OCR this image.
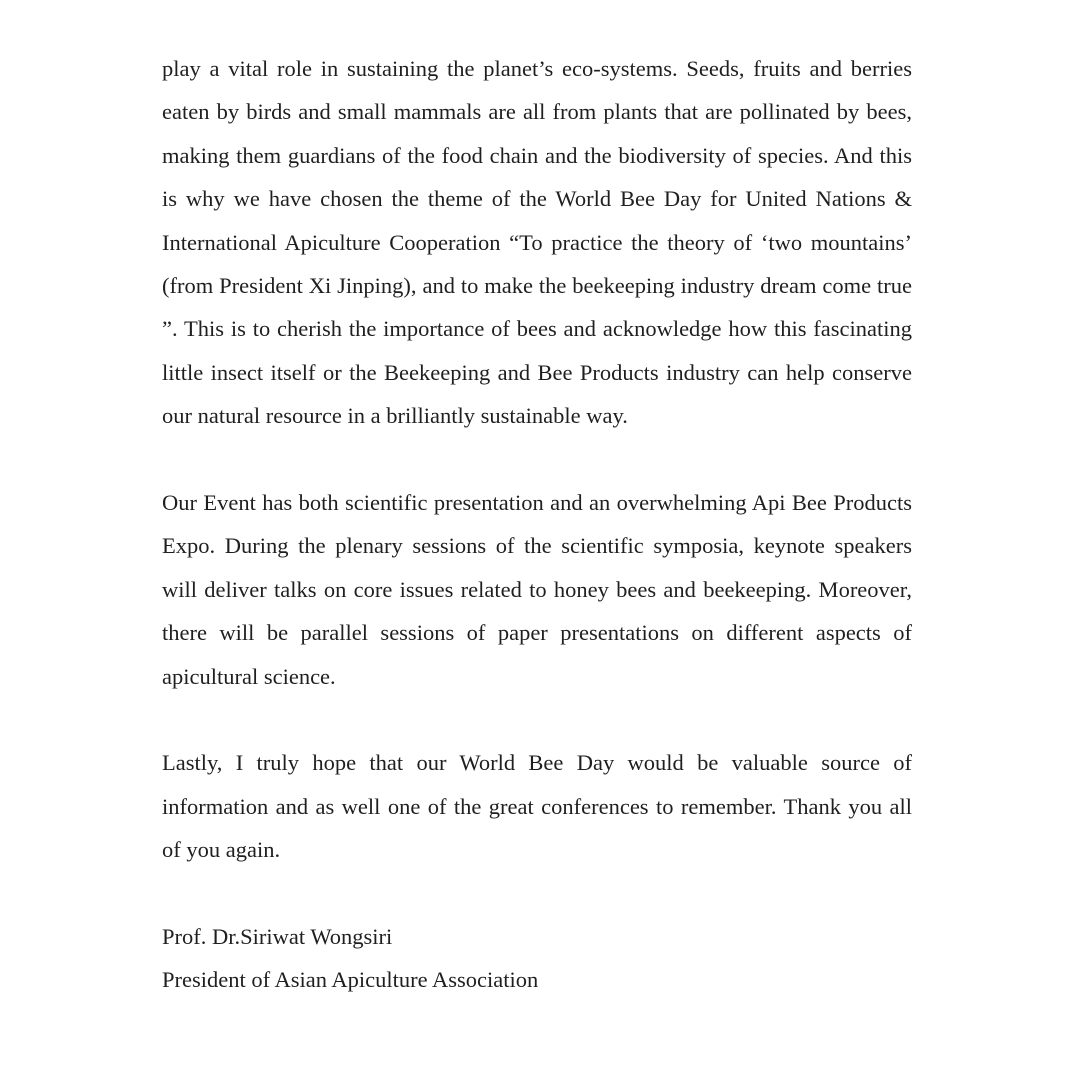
play a vital role in sustaining the planet’s eco-systems. Seeds, fruits and berries eaten by birds and small mammals are all from plants that are pollinated by bees, making them guardians of the food chain and the biodiversity of species. And this is why we have chosen the theme of the World Bee Day for United Nations & International Apiculture Cooperation “To practice the theory of ‘two mountains’ (from President Xi Jinping), and to make the beekeeping industry dream come true ”. This is to cherish the importance of bees and acknowledge how this fascinating little insect itself or the Beekeeping and Bee Products industry can help conserve our natural resource in a brilliantly sustainable way.

Our Event has both scientific presentation and an overwhelming Api Bee Products Expo. During the plenary sessions of the scientific symposia, keynote speakers will deliver talks on core issues related to honey bees and beekeeping. Moreover, there will be parallel sessions of paper presentations on different aspects of apicultural science.

Lastly, I truly hope that our World Bee Day would be valuable source of information and as well one of the great conferences to remember. Thank you all of you again.

Prof. Dr.Siriwat Wongsiri

President of Asian Apiculture Association
